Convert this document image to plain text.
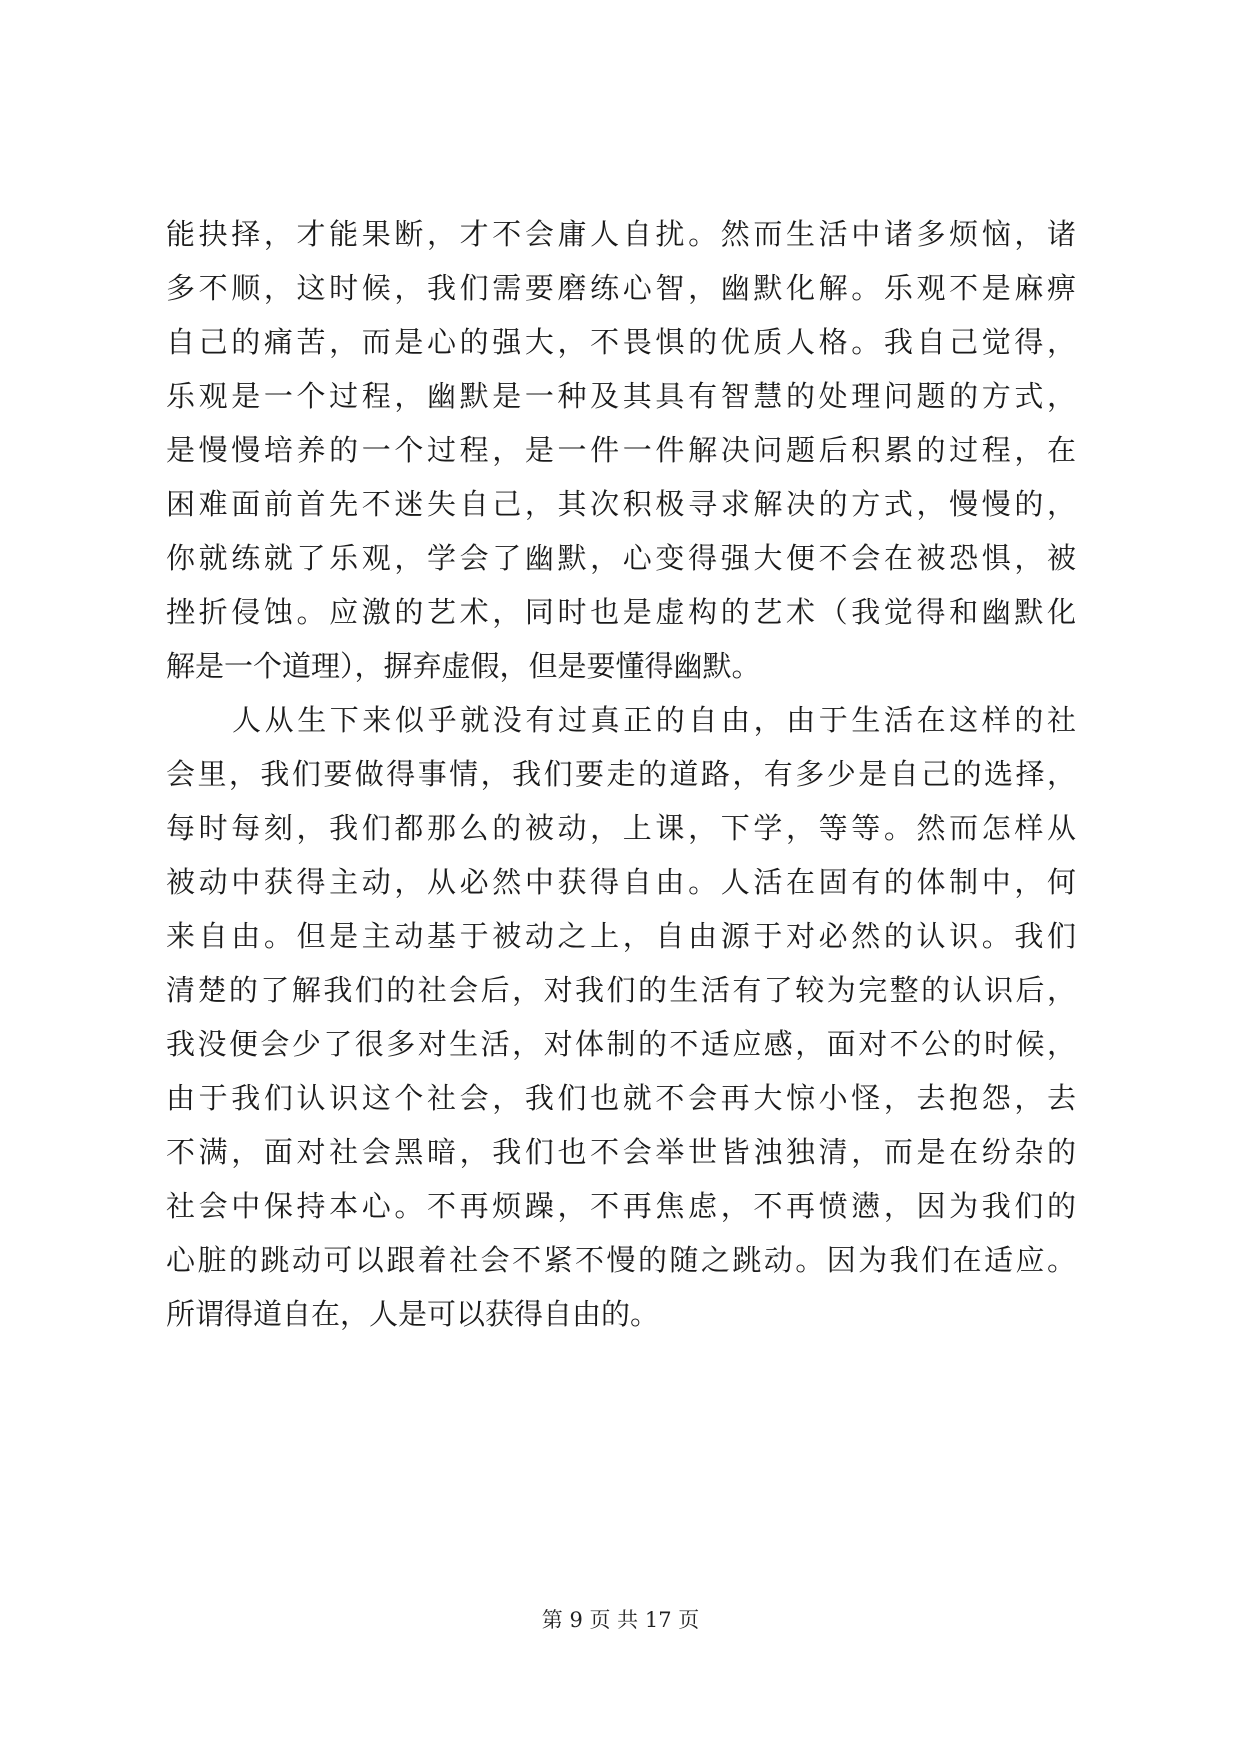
能抉择，才能果断，才不会庸人自扰。然而生活中诸多烦恼，诸
多不顺，这时候，我们需要磨练心智，幽默化解。乐观不是麻痹
自己的痛苦，而是心的强大，不畏惧的优质人格。我自己觉得，
乐观是一个过程，幽默是一种及其具有智慧的处理问题的方式，
是慢慢培养的一个过程，是一件一件解决问题后积累的过程，在
困难面前首先不迷失自己，其次积极寻求解决的方式，慢慢的，
你就练就了乐观，学会了幽默，心变得强大便不会在被恐惧，被
挫折侵蚀。应激的艺术，同时也是虚构的艺术（我觉得和幽默化
解是一个道理），摒弃虚假，但是要懂得幽默。
人从生下来似乎就没有过真正的自由，由于生活在这样的社
会里，我们要做得事情，我们要走的道路，有多少是自己的选择，
每时每刻，我们都那么的被动，上课，下学，等等。然而怎样从
被动中获得主动，从必然中获得自由。人活在固有的体制中，何
来自由。但是主动基于被动之上，自由源于对必然的认识。我们
清楚的了解我们的社会后，对我们的生活有了较为完整的认识后，
我没便会少了很多对生活，对体制的不适应感，面对不公的时候，
由于我们认识这个社会，我们也就不会再大惊小怪，去抱怨，去
不满，面对社会黑暗，我们也不会举世皆浊独清，而是在纷杂的
社会中保持本心。不再烦躁，不再焦虑，不再愤懑，因为我们的
心脏的跳动可以跟着社会不紧不慢的随之跳动。因为我们在适应。
所谓得道自在，人是可以获得自由的。
第 9 页 共 17 页
